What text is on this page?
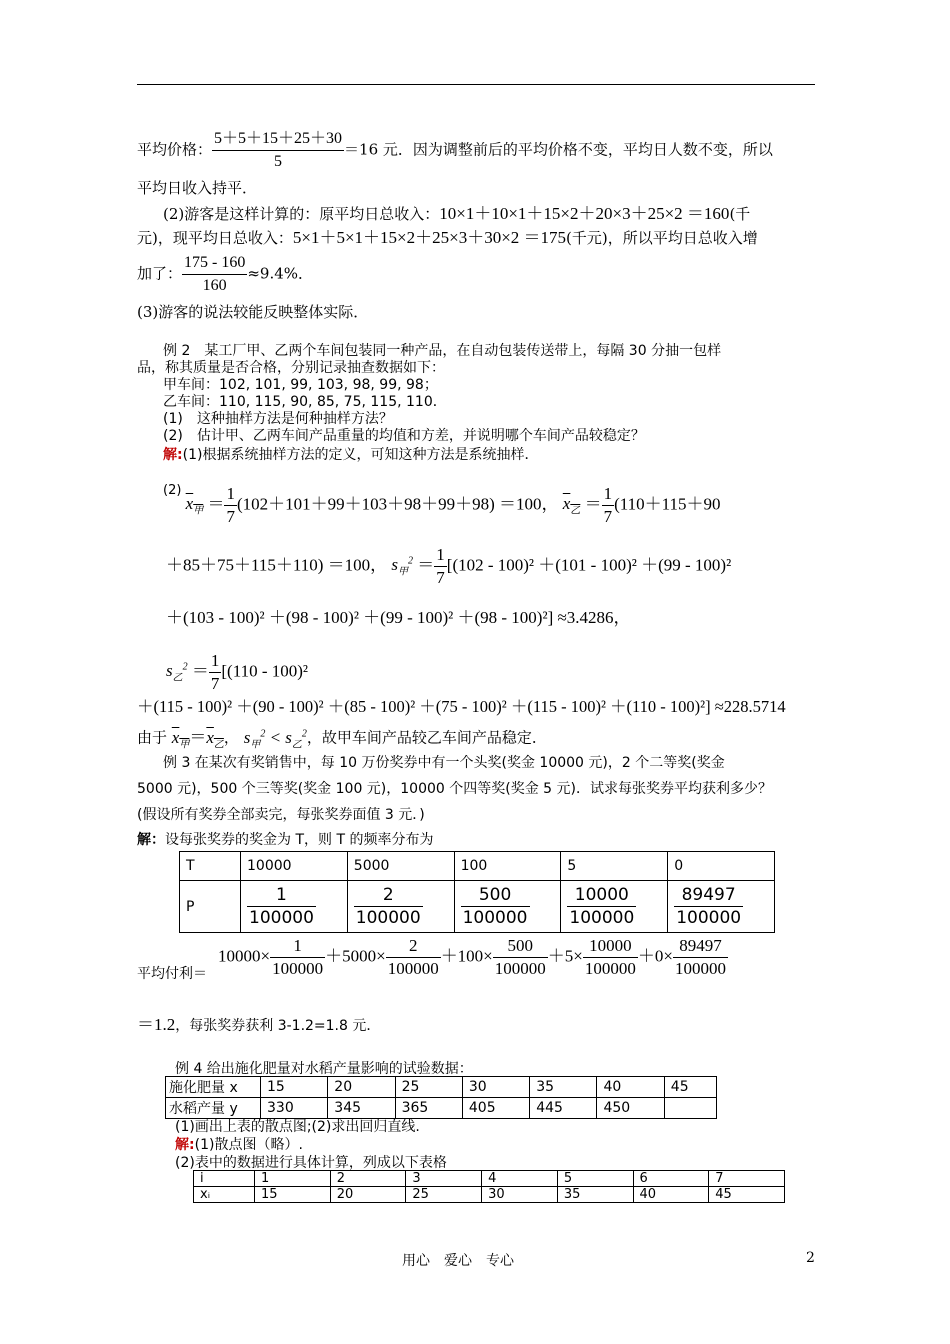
平均价格： $\frac{5+5+15+25+30}{5} =16$ 元．因为调整前后的平均价格不变，平均日人数不变，所以
平均日收入持平．
(2)游客是这样计算的：原平均日总收入：10×1＋10×1＋15×2＋20×3＋25×2 ＝160(千
元)，现平均日总收入：5×1＋5×1＋15×2＋25×3＋30×2 ＝175(千元)，所以平均日总收入增
加了： $\frac{175 - 160}{160} \approx 9.4\%$．
(3)游客的说法较能反映整体实际．
例 2　某工厂甲、乙两个车间包装同一种产品，在自动包装传送带上，每隔 30 分抽一包样
品，称其质量是否合格，分别记录抽查数据如下：
甲车间：102, 101, 99, 103, 98, 99, 98；
乙车间：110, 115, 90, 85, 75, 115, 110．
(1)　这种抽样方法是何种抽样方法？
(2)　估计甲、乙两车间产品重量的均值和方差，并说明哪个车间产品较稳定？
解:(1)根据系统抽样方法的定义，可知这种方法是系统抽样．
$^{(2)}$ $x_甲 = \frac{1}{7} (102+101+99+103+98+99+98) =100$， $x_乙 = \frac{1}{7} (110+115+90$
＋85＋75＋115＋110) ＝100， $s_甲^2 = \frac{1}{7} [(102 - 100)^2 +(101 - 100)^2 +(99 - 100)^2$
＋(103 - 100)² ＋(98 - 100)² ＋(99 - 100)² ＋(98 - 100)²] ≈3.4286，
$s_乙^2 = \frac{1}{7} [(110 - 100)^2$
＋(115 - 100)² ＋(90 - 100)² ＋(85 - 100)² ＋(75 - 100)² ＋(115 - 100)² ＋(110 - 100)²] ≈228.5714
由于 $x_甲=x_乙$， $s_甲^2 < s_乙^2$，故甲车间产品较乙车间产品稳定．
例 3 在某次有奖销售中，每 10 万份奖券中有一个头奖(奖金 10000 元)，2 个二等奖(奖金
5000 元)，500 个三等奖(奖金 100 元)，10000 个四等奖(奖金 5 元)．试求每张奖券平均获利多少？
(假设所有奖券全部卖完，每张奖券面值 3 元．)
解：设每张奖券的奖金为 T，则 T 的频率分布为
T	10000	5000	100	5	0
P	$\frac{1}{100000}$	$\frac{2}{100000}$	$\frac{500}{100000}$	$\frac{10000}{100000}$	$\frac{89497}{100000}$
平均付利＝
$10000\times \frac{1}{100000} +5000\times \frac{2}{100000} +100\times \frac{500}{100000} +5\times \frac{10000}{100000} +0\times \frac{89497}{100000}$
＝1.2，每张奖券获利 3-1.2=1.8 元．
例 4 给出施化肥量对水稻产量影响的试验数据：
施化肥量 x	15	20	25	30	35	40	45
水稻产量 y	330	345	365	405	445	450	
(1)画出上表的散点图;(2)求出回归直线.
解:(1)散点图（略）.
(2)表中的数据进行具体计算，列成以下表格
i	1	2	3	4	5	6	7
xᵢ	15	20	25	30	35	40	45
用心　爱心　专心	2
